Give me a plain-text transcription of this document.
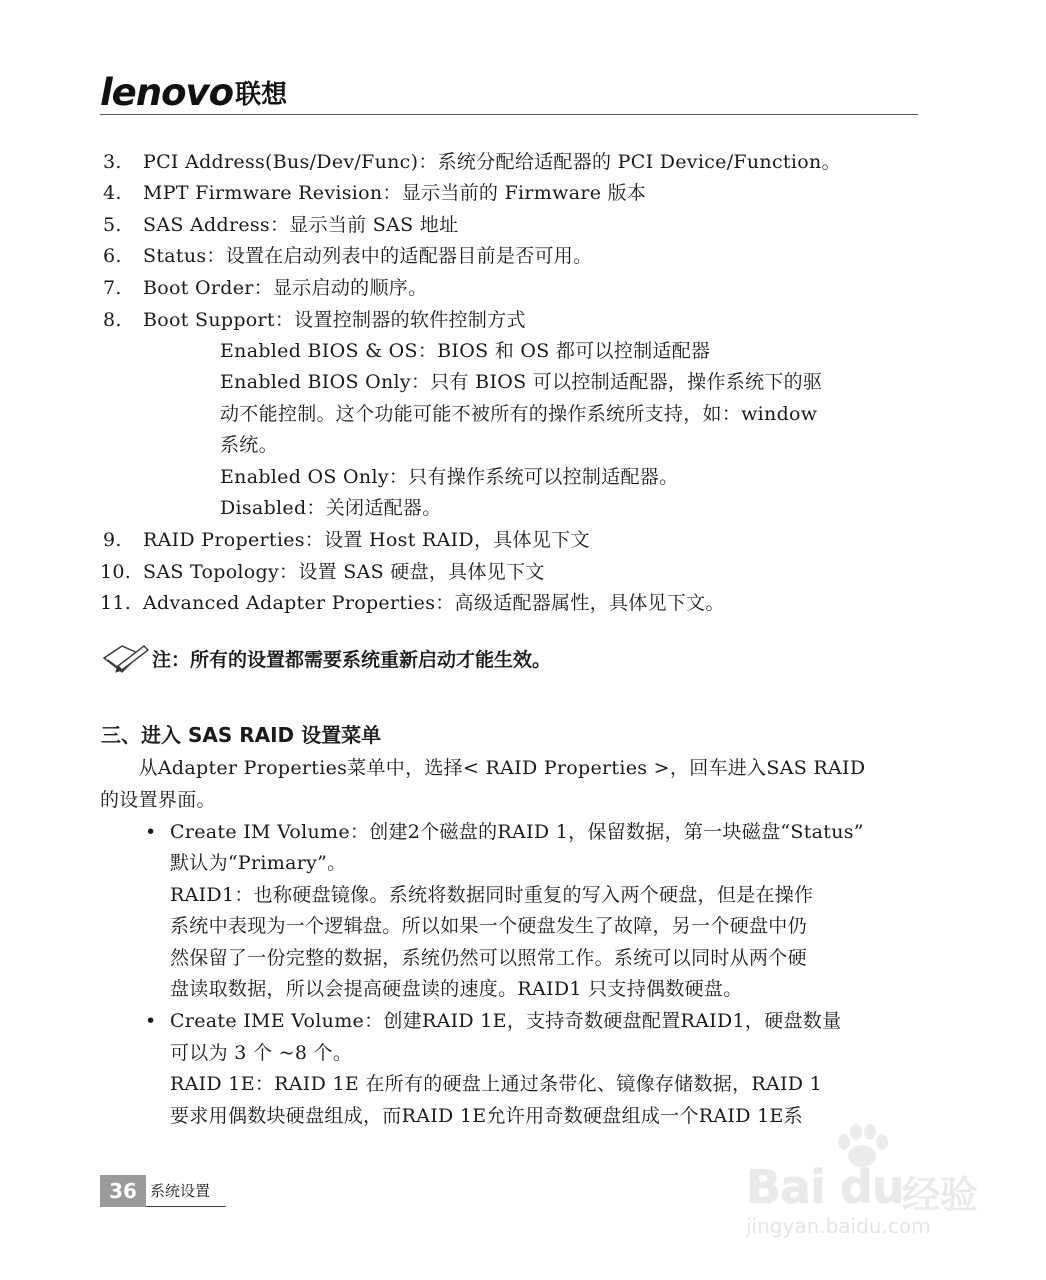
lenovo 联想
3. PCI Address(Bus/Dev/Func)：系统分配给适配器的 PCI Device/Function。
4. MPT Firmware Revision：显示当前的 Firmware 版本
5. SAS Address：显示当前 SAS 地址
6. Status：设置在启动列表中的适配器目前是否可用。
7. Boot Order：显示启动的顺序。
8. Boot Support：设置控制器的软件控制方式
Enabled BIOS & OS：BIOS 和 OS 都可以控制适配器
Enabled BIOS Only：只有 BIOS 可以控制适配器，操作系统下的驱
动不能控制。这个功能可能不被所有的操作系统所支持，如：window
系统。
Enabled OS Only：只有操作系统可以控制适配器。
Disabled：关闭适配器。
9. RAID Properties：设置 Host RAID，具体见下文
10. SAS Topology：设置 SAS 硬盘，具体见下文
11. Advanced Adapter Properties：高级适配器属性，具体见下文。
注：所有的设置都需要系统重新启动才能生效。
三、进入 SAS RAID 设置菜单
　　从Adapter Properties菜单中，选择< RAID Properties >，回车进入SAS RAID
的设置界面。
• Create IM Volume：创建2个磁盘的RAID 1，保留数据，第一块磁盘“Status”
默认为“Primary”。
RAID1：也称硬盘镜像。系统将数据同时重复的写入两个硬盘，但是在操作
系统中表现为一个逻辑盘。所以如果一个硬盘发生了故障，另一个硬盘中仍
然保留了一份完整的数据，系统仍然可以照常工作。系统可以同时从两个硬
盘读取数据，所以会提高硬盘读的速度。RAID1 只支持偶数硬盘。
• Create IME Volume：创建RAID 1E，支持奇数硬盘配置RAID1，硬盘数量
可以为 3 个 ~8 个。
RAID 1E：RAID 1E 在所有的硬盘上通过条带化、镜像存储数据，RAID 1
要求用偶数块硬盘组成，而RAID 1E允许用奇数硬盘组成一个RAID 1E系
36 系统设置	Bai du
经验
jingyan.baidu.com
